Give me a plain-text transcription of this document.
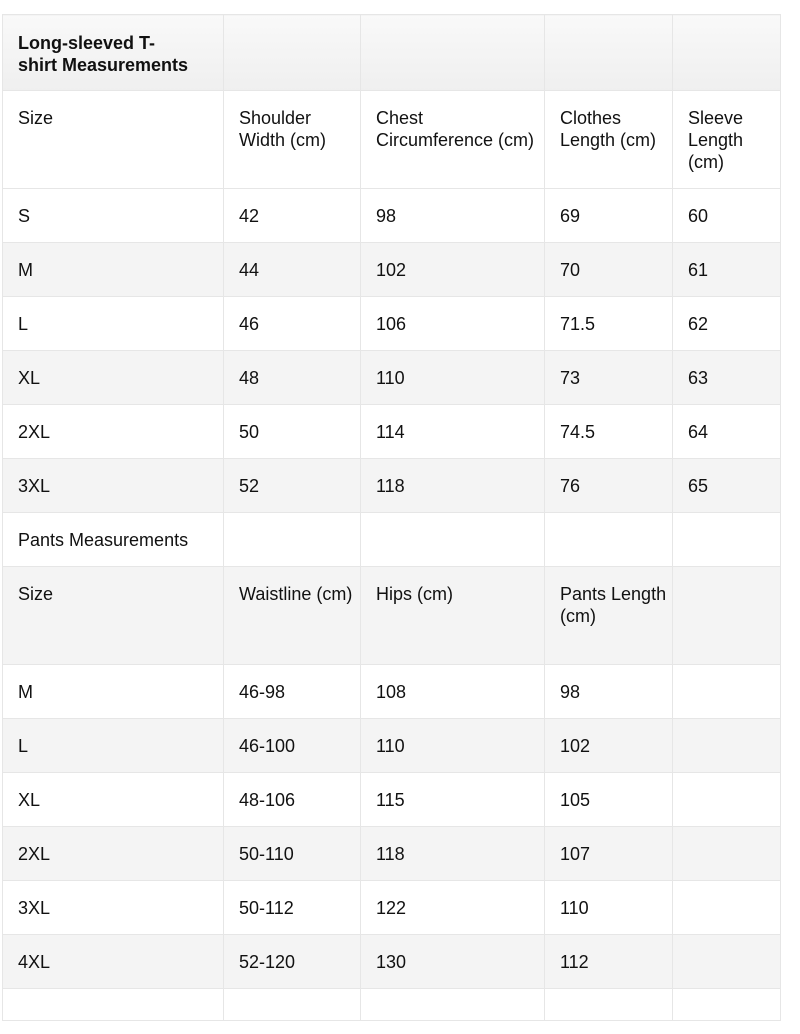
Long-sleeved T-shirt Measurements				
Size	Shoulder Width (cm)	Chest Circumference (cm)	Clothes Length (cm)	Sleeve Length (cm)
S	42	98	69	60
M	44	102	70	61
L	46	106	71.5	62
XL	48	110	73	63
2XL	50	114	74.5	64
3XL	52	118	76	65
Pants Measurements				
Size	Waistline (cm)	Hips (cm)	Pants Length (cm)	
M	46-98	108	98	
L	46-100	110	102	
XL	48-106	115	105	
2XL	50-110	118	107	
3XL	50-112	122	110	
4XL	52-120	130	112	
